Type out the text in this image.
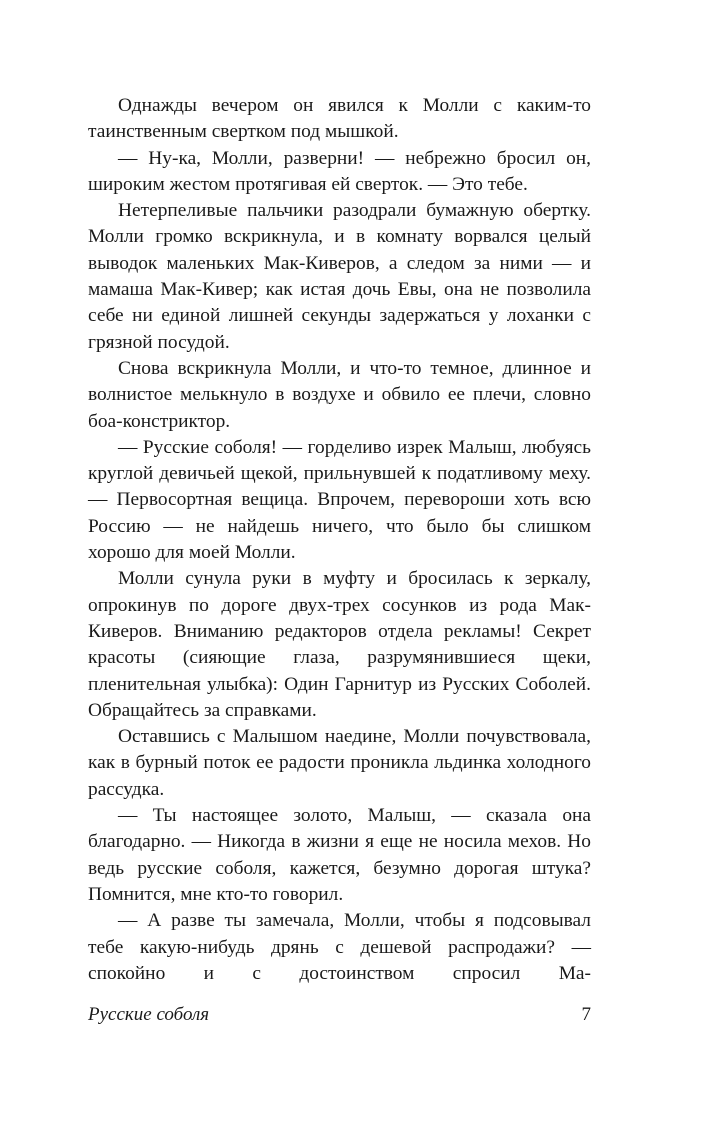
Однажды вечером он явился к Молли с каким-то таинственным свертком под мышкой.

— Ну-ка, Молли, разверни! — небрежно бросил он, широким жестом протягивая ей сверток. — Это тебе.

Нетерпеливые пальчики разодрали бумажную обертку. Молли громко вскрикнула, и в комнату ворвался целый выводок маленьких Мак-Киверов, а следом за ними — и мамаша Мак-Кивер; как истая дочь Евы, она не позволила себе ни единой лишней секунды задержаться у лоханки с грязной посудой.

Снова вскрикнула Молли, и что-то темное, длинное и волнистое мелькнуло в воздухе и обвило ее плечи, словно боа-констриктор.

— Русские соболя! — горделиво изрек Малыш, любуясь круглой девичьей щекой, прильнувшей к податливому меху. — Первосортная вещица. Впрочем, переворoши хоть всю Россию — не найдешь ничего, что было бы слишком хорошо для моей Молли.

Молли сунула руки в муфту и бросилась к зеркалу, опрокинув по дороге двух-трех сосунков из рода Мак-Киверов. Вниманию редакторов отдела рекламы! Секрет красоты (сияющие глаза, разрумянившиеся щеки, пленительная улыбка): Один Гарнитур из Русских Соболей. Обращайтесь за справками.

Оставшись с Малышом наедине, Молли почувствовала, как в бурный поток ее радости проникла льдинка холодного рассудка.

— Ты настоящее золото, Малыш, — сказала она благодарно. — Никогда в жизни я еще не носила мехов. Но ведь русские соболя, кажется, безумно дорогая штука? Помнится, мне кто-то говорил.

— А разве ты замечала, Молли, чтобы я подсовывал тебе какую-нибудь дрянь с дешевой распродажи? — спокойно и с достоинством спросил Ма-

Русские соболя	7
